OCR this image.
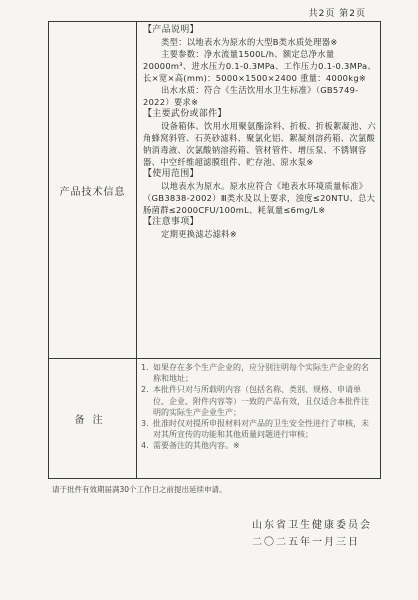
共2页 第2页
产品技术信息

【产品说明】

类型：以地表水为原水的大型B类水质处理器※

主要参数：净水流量1500L/h、额定总净水量20000m³、进水压力0.1-0.3MPa、工作压力0.1-0.3MPa、长×宽×高(mm)：5000×1500×2400 重量：4000kg※

出水水质：符合《生活饮用水卫生标准》（GB5749-2022）要求※

【主要武份或部件】

设备箱体、饮用水用聚氨酯涂料、折板、折板絮凝池、六角蜂窝斜管、石英砂滤料、聚氯化铝、絮凝剂溶药箱、次氯酸钠消毒液、次氯酸钠溶药箱、管材管件、增压泵、不锈钢容器、中空纤维超滤膜组件、贮存池、原水泵※

【使用范围】

以地表水为原水。原水应符合《地表水环境质量标准》（GB3838-2002）Ⅲ类水及以上要求，浊度≤20NTU、总大肠菌群≤2000CFU/100mL、耗氧量≤6mg/L※

【注意事项】

定期更换滤芯滤料※

备注
1. 如果存在多个生产企业的，应分别注明每个实际生产企业的名称和地址；
2. 本批件只对与所载明内容（包括名称、类别、规格、申请单位、企业、附件内容等）一致的产品有效，且仅适合本批件注明的实际生产企业生产；
3. 批准时仅对提所申报材料对产品的卫生安全性进行了审核，未对其所宣传的功能和其他质量问题进行审核；
4. 需要备注的其他内容。※
请于批件有效期届满30个工作日之前提出延续申请。
山东省卫生健康委员会
二〇二五年一月三日
